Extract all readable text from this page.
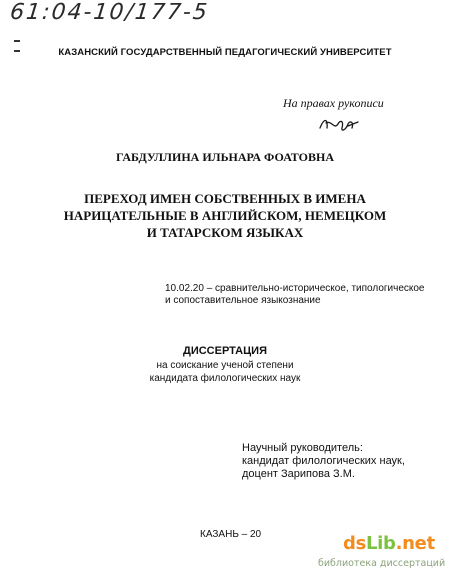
61:04-10/177-5
КАЗАНСКИЙ ГОСУДАРСТВЕННЫЙ ПЕДАГОГИЧЕСКИЙ УНИВЕРСИТЕТ
На правах рукописи
ГАБДУЛЛИНА ИЛЬНАРА ФОАТОВНА
ПЕРЕХОД ИМЕН СОБСТВЕННЫХ В ИМЕНА
НАРИЦАТЕЛЬНЫЕ В АНГЛИЙСКОМ, НЕМЕЦКОМ
И ТАТАРСКОМ ЯЗЫКАХ
10.02.20 – сравнительно-историческое, типологическое
и сопоставительное языкознание
ДИССЕРТАЦИЯ
на соискание ученой степени
кандидата филологических наук
Научный руководитель:
кандидат филологических наук,
доцент Зарипова З.М.
КАЗАНЬ – 20	dsLib.net
библиотека диссертаций
